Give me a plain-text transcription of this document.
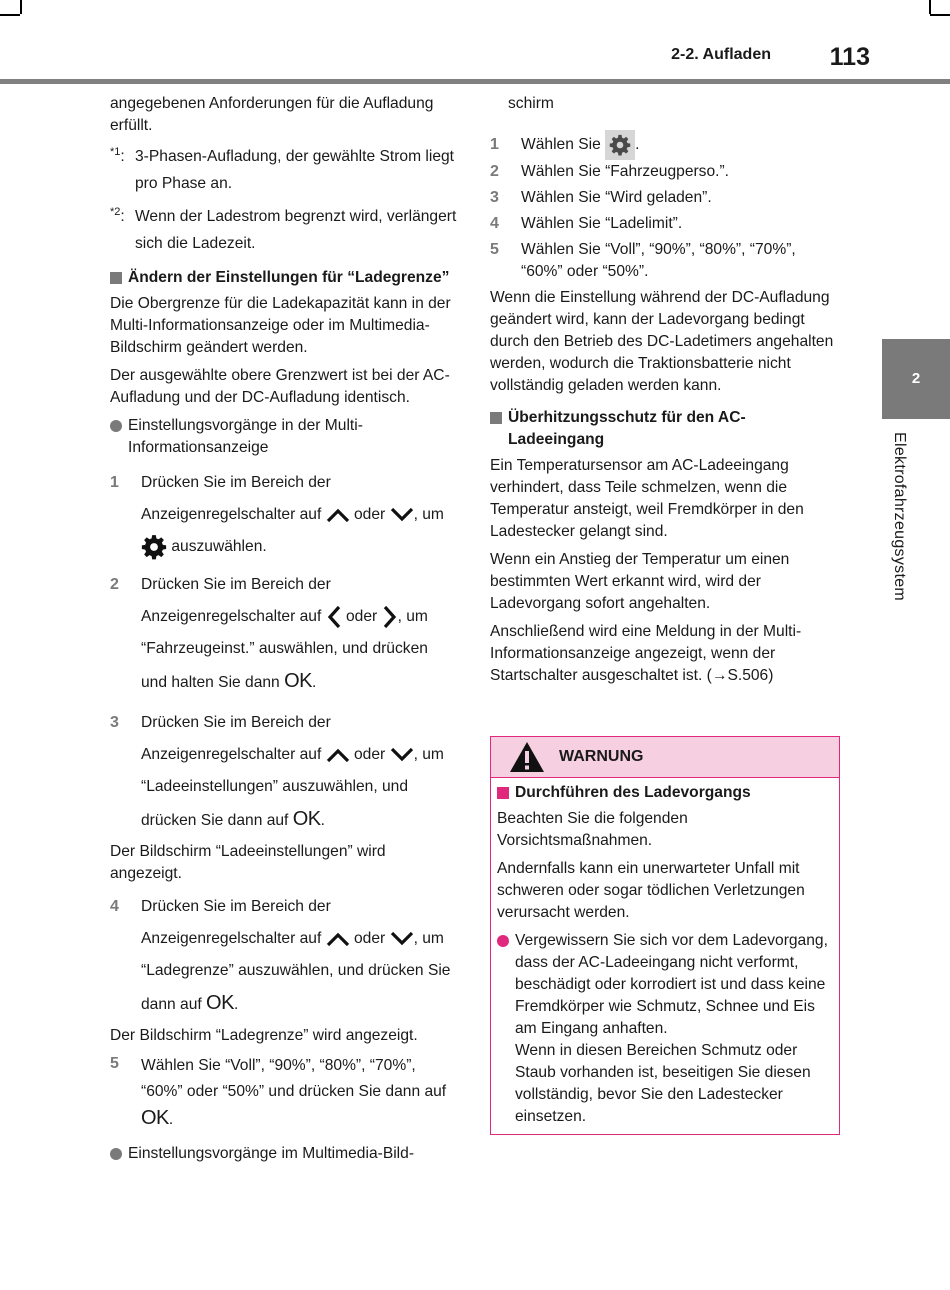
2-2. Aufladen 113
2
Elektrofahrzeugsystem

angegebenen Anforderungen für die Aufladung erfüllt.

$^{*1}$: 3-Phasen-Aufladung, der gewählte Strom liegt pro Phase an.
$^{*2}$: Wenn der Ladestrom begrenzt wird, verlängert sich die Ladezeit.
Ändern der Einstellungen für “Ladegrenze”

Die Obergrenze für die Ladekapazität kann in der Multi-Informationsanzeige oder im Multimedia-Bildschirm geändert werden.

Der ausgewählte obere Grenzwert ist bei der AC-Aufladung und der DC-Aufladung identisch.

Einstellungsvorgänge in der Multi-Informationsanzeige
1	Drücken Sie im Bereich der Anzeigenregelschalter auf oder , um  auszuwählen.
2	Drücken Sie im Bereich der Anzeigenregelschalter auf oder , um “Fahrzeugeinst.” auswählen, und drücken und halten Sie dann OK.
3	Drücken Sie im Bereich der Anzeigenregelschalter auf oder , um “Ladeeinstellungen” auszuwählen, und drücken Sie dann auf OK.

Der Bildschirm “Ladeeinstellungen” wird angezeigt.

4	Drücken Sie im Bereich der Anzeigenregelschalter auf oder , um “Ladegrenze” auszuwählen, und drücken Sie dann auf OK.

Der Bildschirm “Ladegrenze” wird angezeigt.

5	Wählen Sie “Voll”, “90%”, “80%”, “70%”, “60%” oder “50%” und drücken Sie dann auf OK.
Einstellungsvorgänge im Multimedia-Bild-

schirm

1	Wählen Sie .
2	Wählen Sie “Fahrzeugperso.”.
3	Wählen Sie “Wird geladen”.
4	Wählen Sie “Ladelimit”.
5	Wählen Sie “Voll”, “90%”, “80%”, “70%”, “60%” oder “50%”.

Wenn die Einstellung während der DC-Aufladung geändert wird, kann der Ladevorgang bedingt durch den Betrieb des DC-Ladetimers angehalten werden, wodurch die Traktionsbatterie nicht vollständig geladen werden kann.

Überhitzungsschutz für den AC-Ladeeingang

Ein Temperatursensor am AC-Ladeeingang verhindert, dass Teile schmelzen, wenn die Temperatur ansteigt, weil Fremdkörper in den Ladestecker gelangt sind.

Wenn ein Anstieg der Temperatur um einen bestimmten Wert erkannt wird, wird der Ladevorgang sofort angehalten.

Anschließend wird eine Meldung in der Multi-Informationsanzeige angezeigt, wenn der Startschalter ausgeschaltet ist. (→S.506)

WARNUNG
Durchführen des Ladevorgangs

Beachten Sie die folgenden Vorsichtsmaßnahmen.

Andernfalls kann ein unerwarteter Unfall mit schweren oder sogar tödlichen Verletzungen verursacht werden.

Vergewissern Sie sich vor dem Ladevorgang, dass der AC-Ladeeingang nicht verformt, beschädigt oder korrodiert ist und dass keine Fremdkörper wie Schmutz, Schnee und Eis am Eingang anhaften.
Wenn in diesen Bereichen Schmutz oder Staub vorhanden ist, beseitigen Sie diesen vollständig, bevor Sie den Ladestecker einsetzen.
